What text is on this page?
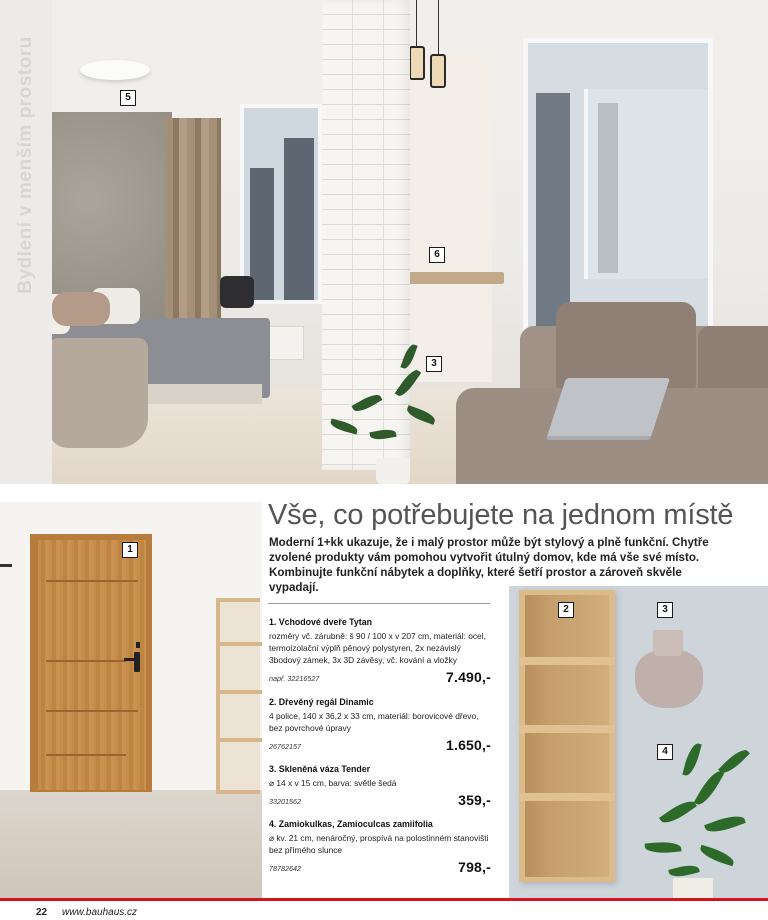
Bydlení v menším prostoru	5
6
3
1
Vše, co potřebujete na jednom místě

Moderní 1+kk ukazuje, že i malý prostor může být stylový a plně funkční. Chytře zvolené produkty vám pomohou vytvořit útulný domov, kde má vše své místo. Kombinujte funkční nábytek a doplňky, které šetří prostor a zároveň skvěle vypadají.

1. Vchodové dveře Tytan
rozměry vč. zárubně: š 90 / 100 x v 207 cm, materiál: ocel, termoizolační výplň pěnový polystyren, 2x nezávislý 3bodový zámek, 3x 3D závěsy, vč. kování a vložky
např. 32216527	7.490,-
2. Dřevěný regál Dinamic
4 police, 140 x 36,2 x 33 cm, materiál: borovicové dřevo, bez povrchové úpravy
26762157	1.650,-
3. Skleněná váza Tender
⌀ 14 x v 15 cm, barva: světle šedá
33201562	359,-
4. Zamiokulkas, Zamioculcas zamiifolia
⌀ kv. 21 cm, nenáročný, prospívá na polostinném stanovišti bez přímého slunce
78782642	798,-
2	3
4
22 www.bauhaus.cz
